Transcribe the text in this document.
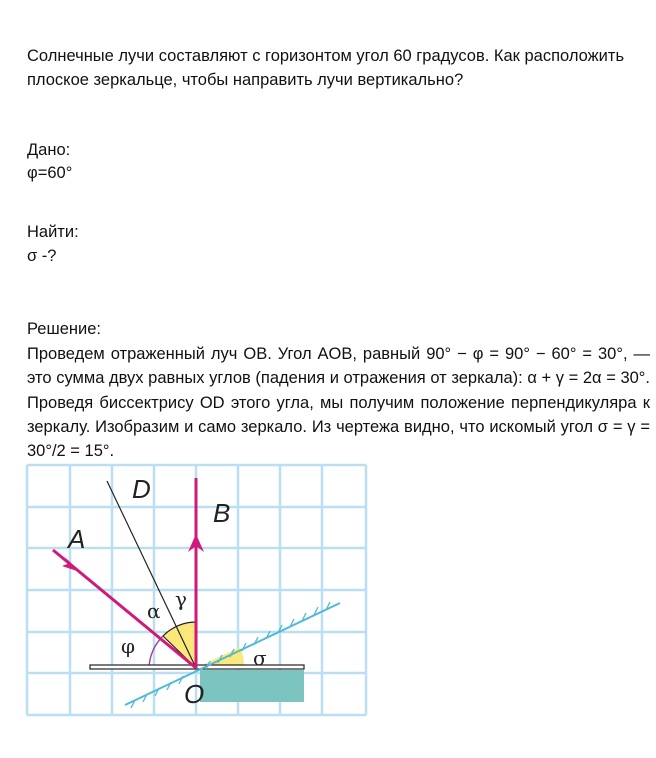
Солнечные лучи составляют с горизонтом угол 60 градусов. Как расположить плоское зеркальце, чтобы направить лучи вертикально?

Дано:

φ=60°

Найти:

σ -?

Решение:

Проведем отраженный луч OB. Угол AOB, равный 90° − φ = 90° − 60° = 30°, — это сумма двух равных углов (падения и отражения от зеркала): α + γ = 2α = 30°. Проведя биссектрису OD этого угла, мы получим положение перпендикуляра к зеркалу. Изобразим и само зеркало. Из чертежа видно, что искомый угол σ = γ = 30°/2 = 15°.

D
B
A
O
γ
α
φ	σ
